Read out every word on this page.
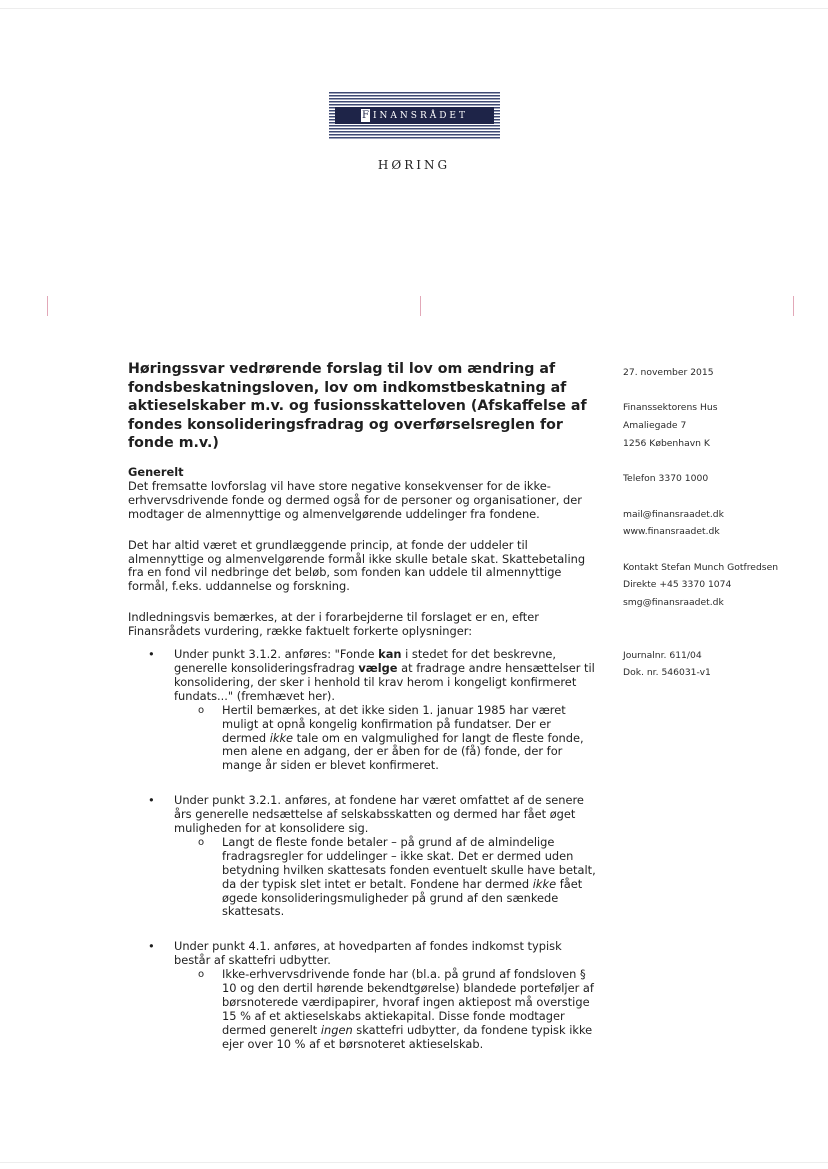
F INANSRÅDET
HØRING
Høringssvar vedrørende forslag til lov om ændring af fondsbeskatningsloven, lov om indkomstbeskatning af aktieselskaber m.v. og fusionsskatteloven (Afskaffelse af fondes konsolideringsfradrag og overførselsreglen for fonde m.v.)
Generelt

Det fremsatte lovforslag vil have store negative konsekvenser for de ikke-erhvervsdrivende fonde og dermed også for de personer og organisationer, der modtager de almennyttige og almenvelgørende uddelinger fra fondene.

Det har altid været et grundlæggende princip, at fonde der uddeler til almennyttige og almenvelgørende formål ikke skulle betale skat. Skattebetaling fra en fond vil nedbringe det beløb, som fonden kan uddele til almennyttige formål, f.eks. uddannelse og forskning.

Indledningsvis bemærkes, at der i forarbejderne til forslaget er en, efter Finansrådets vurdering, række faktuelt forkerte oplysninger:

• Under punkt 3.1.2. anføres: "Fonde kan i stedet for det beskrevne, generelle konsolideringsfradrag vælge at fradrage andre hensættelser til konsolidering, der sker i henhold til krav herom i kongeligt konfirmeret fundats..." (fremhævet her).
o Hertil bemærkes, at det ikke siden 1. januar 1985 har været muligt at opnå kongelig konfirmation på fundatser. Der er dermed ikke tale om en valgmulighed for langt de fleste fonde, men alene en adgang, der er åben for de (få) fonde, der for mange år siden er blevet konfirmeret.
• Under punkt 3.2.1. anføres, at fondene har været omfattet af de senere års generelle nedsættelse af selskabsskatten og dermed har fået øget muligheden for at konsolidere sig.
o Langt de fleste fonde betaler – på grund af de almindelige fradragsregler for uddelinger – ikke skat. Det er dermed uden betydning hvilken skattesats fonden eventuelt skulle have betalt, da der typisk slet intet er betalt. Fondene har dermed ikke fået øgede konsolideringsmuligheder på grund af den sænkede skattesats.
• Under punkt 4.1. anføres, at hovedparten af fondes indkomst typisk består af skattefri udbytter.
o Ikke-erhvervsdrivende fonde har (bl.a. på grund af fondsloven § 10 og den dertil hørende bekendtgørelse) blandede porteføljer af børsnoterede værdipapirer, hvoraf ingen aktiepost må overstige 15 % af et aktieselskabs aktiekapital. Disse fonde modtager dermed generelt ingen skattefri udbytter, da fondene typisk ikke ejer over 10 % af et børsnoteret aktieselskab.
27. november 2015
Finanssektorens Hus
Amaliegade 7
1256 København K
Telefon 3370 1000
mail@finansraadet.dk
www.finansraadet.dk
Kontakt Stefan Munch Gotfredsen
Direkte +45 3370 1074
smg@finansraadet.dk
Journalnr. 611/04
Dok. nr. 546031-v1
